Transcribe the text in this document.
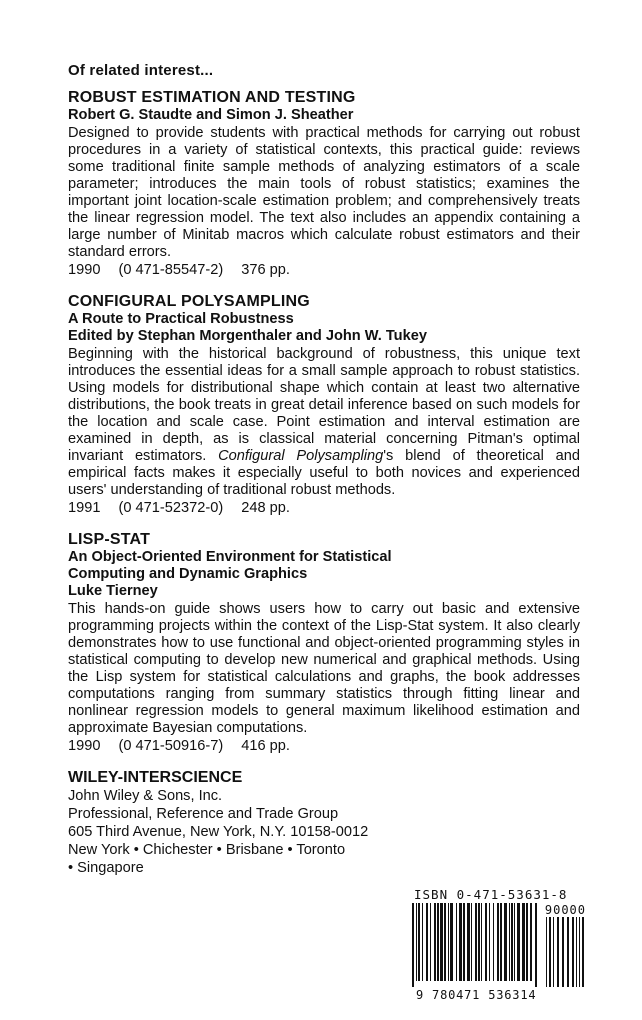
Of related interest...
ROBUST ESTIMATION AND TESTING
Robert G. Staudte and Simon J. Sheather

Designed to provide students with practical methods for carrying out robust procedures in a variety of statistical contexts, this practical guide: reviews some traditional finite sample methods of analyzing estimators of a scale parameter; introduces the main tools of robust statistics; examines the important joint location-scale estimation problem; and comprehensively treats the linear regression model. The text also includes an appendix containing a large number of Minitab macros which calculate robust estimators and their standard errors.

1990 (0 471-85547-2) 376 pp.
CONFIGURAL POLYSAMPLING
A Route to Practical Robustness
Edited by Stephan Morgenthaler and John W. Tukey

Beginning with the historical background of robustness, this unique text introduces the essential ideas for a small sample approach to robust statistics. Using models for distributional shape which contain at least two alternative distributions, the book treats in great detail inference based on such models for the location and scale case. Point estimation and interval estimation are examined in depth, as is classical material concerning Pitman's optimal invariant estimators. Configural Polysampling's blend of theoretical and empirical facts makes it especially useful to both novices and experienced users' understanding of traditional robust methods.

1991 (0 471-52372-0) 248 pp.
LISP-STAT
An Object-Oriented Environment for Statistical Computing and Dynamic Graphics
Luke Tierney

This hands-on guide shows users how to carry out basic and extensive programming projects within the context of the Lisp-Stat system. It also clearly demonstrates how to use functional and object-oriented programming styles in statistical computing to develop new numerical and graphical methods. Using the Lisp system for statistical calculations and graphs, the book addresses computations ranging from summary statistics through fitting linear and nonlinear regression models to general maximum likelihood estimation and approximate Bayesian computations.

1990 (0 471-50916-7) 416 pp.
WILEY-INTERSCIENCE
John Wiley & Sons, Inc.
Professional, Reference and Trade Group
605 Third Avenue, New York, N.Y. 10158-0012
New York • Chichester • Brisbane • Toronto
• Singapore
ISBN 0-471-53631-8
90000
9 780471 536314
